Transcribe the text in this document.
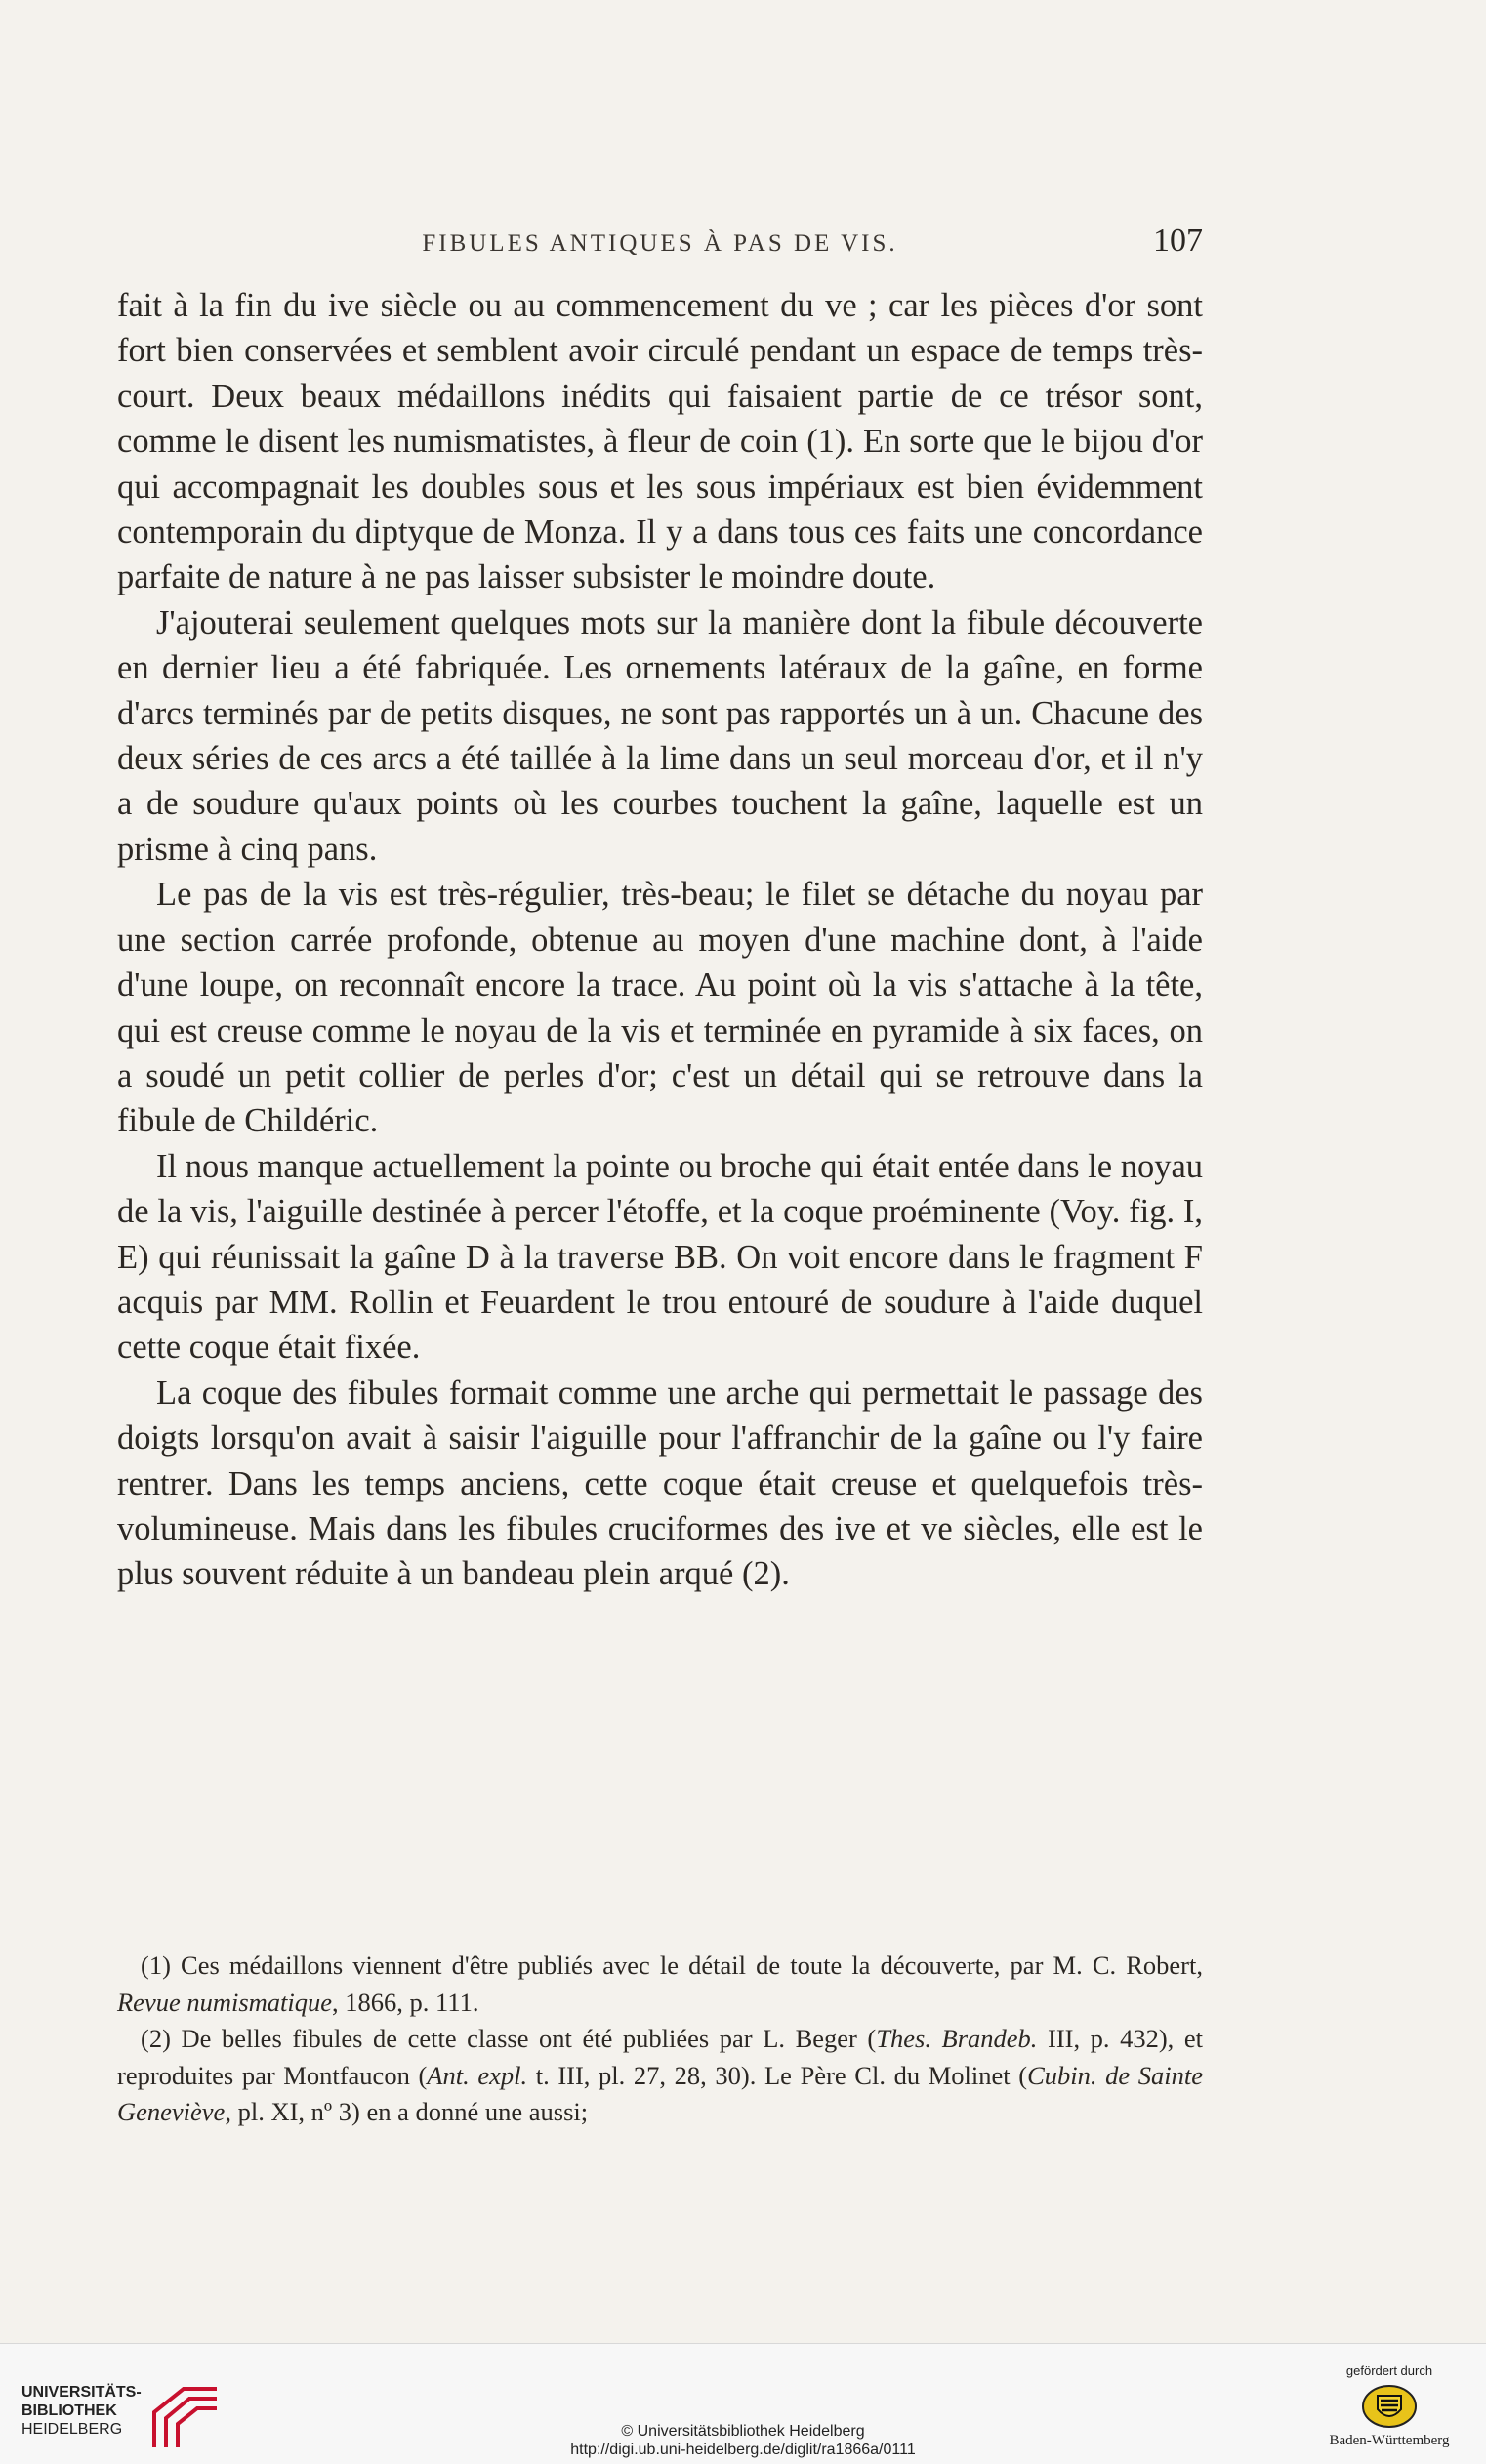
FIBULES ANTIQUES À PAS DE VIS.	107

fait à la fin du ive siècle ou au commencement du ve ; car les pièces d'or sont fort bien conservées et semblent avoir circulé pendant un espace de temps très-court. Deux beaux médaillons inédits qui faisaient partie de ce trésor sont, comme le disent les numismatistes, à fleur de coin (1). En sorte que le bijou d'or qui accompagnait les doubles sous et les sous impériaux est bien évidemment contemporain du diptyque de Monza. Il y a dans tous ces faits une concordance parfaite de nature à ne pas laisser subsister le moindre doute.

J'ajouterai seulement quelques mots sur la manière dont la fibule découverte en dernier lieu a été fabriquée. Les ornements latéraux de la gaîne, en forme d'arcs terminés par de petits disques, ne sont pas rapportés un à un. Chacune des deux séries de ces arcs a été taillée à la lime dans un seul morceau d'or, et il n'y a de soudure qu'aux points où les courbes touchent la gaîne, laquelle est un prisme à cinq pans.

Le pas de la vis est très-régulier, très-beau; le filet se détache du noyau par une section carrée profonde, obtenue au moyen d'une machine dont, à l'aide d'une loupe, on reconnaît encore la trace. Au point où la vis s'attache à la tête, qui est creuse comme le noyau de la vis et terminée en pyramide à six faces, on a soudé un petit collier de perles d'or; c'est un détail qui se retrouve dans la fibule de Childéric.

Il nous manque actuellement la pointe ou broche qui était entée dans le noyau de la vis, l'aiguille destinée à percer l'étoffe, et la coque proéminente (Voy. fig. I, E) qui réunissait la gaîne D à la traverse BB. On voit encore dans le fragment F acquis par MM. Rollin et Feuardent le trou entouré de soudure à l'aide duquel cette coque était fixée.

La coque des fibules formait comme une arche qui permettait le passage des doigts lorsqu'on avait à saisir l'aiguille pour l'affranchir de la gaîne ou l'y faire rentrer. Dans les temps anciens, cette coque était creuse et quelquefois très-volumineuse. Mais dans les fibules cruciformes des ive et ve siècles, elle est le plus souvent réduite à un bandeau plein arqué (2).

(1) Ces médaillons viennent d'être publiés avec le détail de toute la découverte, par M. C. Robert, Revue numismatique, 1866, p. 111.

(2) De belles fibules de cette classe ont été publiées par L. Beger (Thes. Brandeb. III, p. 432), et reproduites par Montfaucon (Ant. expl. t. III, pl. 27, 28, 30). Le Père Cl. du Molinet (Cubin. de Sainte Geneviève, pl. XI, nº 3) en a donné une aussi;

UNIVERSITÄTS-
BIBLIOTHEK
HEIDELBERG	© Universitätsbibliothek Heidelberg
http://digi.ub.uni-heidelberg.de/diglit/ra1866a/0111
gefördert durch
Baden-Württemberg
